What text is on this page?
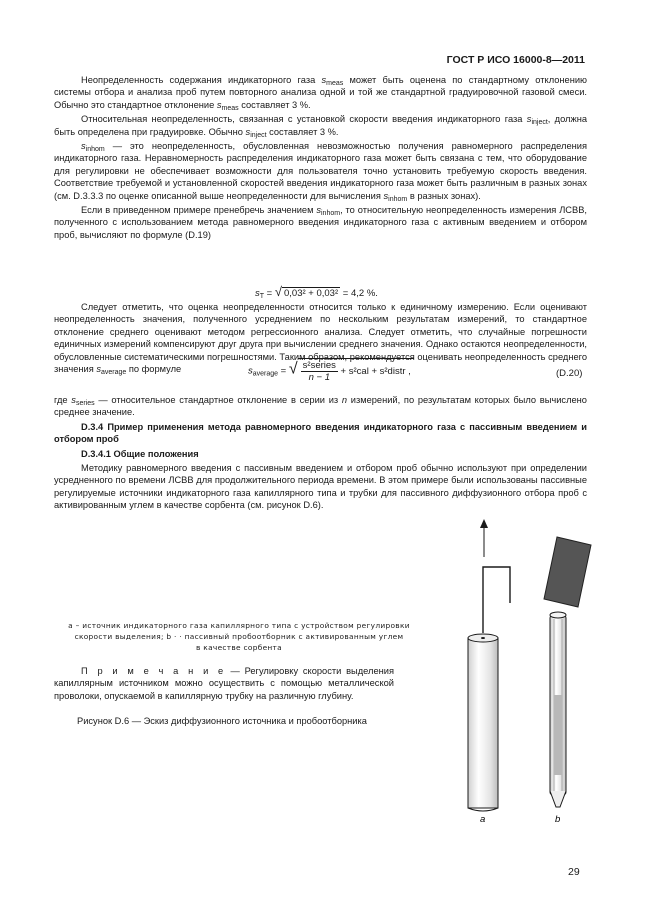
ГОСТ Р ИСО 16000-8—2011

Неопределенность содержания индикаторного газа $s_{meas}$ может быть оценена по стандартному отклонению системы отбора и анализа проб путем повторного анализа одной и той же стандартной градуировочной газовой смеси. Обычно это стандартное отклонение $s_{meas}$ составляет 3 %.

Относительная неопределенность, связанная с установкой скорости введения индикаторного газа $s_{inject}$, должна быть определена при градуировке. Обычно $s_{inject}$ составляет 3 %.

$s_{inhom}$ — это неопределенность, обусловленная невозможностью получения равномерного распределения индикаторного газа. Неравномерность распределения индикаторного газа может быть связана с тем, что оборудование для регулировки не обеспечивает возможности для пользователя точно установить требуемую скорость введения. Соответствие требуемой и установленной скоростей введения индикаторного газа может быть различным в разных зонах (см. D.3.3.3 по оценке описанной выше неопределенности для вычисления $s_{inhom}$ в разных зонах).

Если в приведенном примере пренебречь значением $s_{inhom}$, то относительную неопределенность измерения ЛСВВ, полученного с использованием метода равномерного введения индикаторного газа с активным введением и отбором проб, вычисляют по формуле (D.19)

$s_T$ = √ 0,03² + 0,03² = 4,2 %.

Следует отметить, что оценка неопределенности относится только к единичному измерению. Если оценивают неопределенность значения, полученного усреднением по нескольким результатам измерений, то стандартное отклонение среднего оценивают методом регрессионного анализа. Следует отметить, что случайные погрешности единичных измерений компенсируют друг друга при вычислении среднего значения. Однако остаются неопределенности, обусловленные систематическими погрешностями. Таким образом, рекомендуется оценивать неопределенность среднего значения $s_{average}$ по формуле	$s_{average}$ = √ s²series
n − 1
+ s²cal + s²distr ,	(D.20)

где $s_{series}$ — относительное стандартное отклонение в серии из n измерений, по результатам которых было вычислено среднее значение.

D.3.4 Пример применения метода равномерного введения индикаторного газа с пассивным введением и отбором проб

D.3.4.1 Общие положения

Методику равномерного введения с пассивным введением и отбором проб обычно используют при определении усредненного по времени ЛСВВ для продолжительного периода времени. В этом примере были использованы пассивные регулируемые источники индикаторного газа капиллярного типа и трубки для пассивного диффузионного отбора проб с активированным углем в качестве сорбента (см. рисунок D.6).

a – источник индикаторного газа капиллярного типа с устройством регулировки
скорости выделения; b · · пассивный пробоотборник с активированным углем
в качестве сорбента
П р и м е ч а н и е — Регулировку скорости выделения капиллярным источником можно осуществить с помощью металлической проволоки, опускаемой в капиллярную трубку на различную глубину.
Рисунок D.6 — Эскиз диффузионного источника и пробоотборника
a	b
29
